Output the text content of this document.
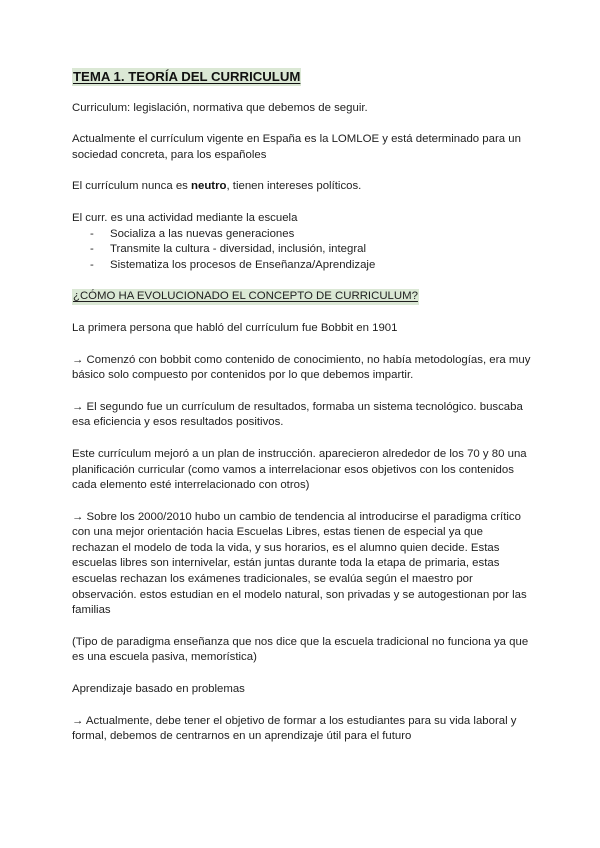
TEMA 1. TEORÍA DEL CURRICULUM

Curriculum: legislación, normativa que debemos de seguir.

Actualmente el currículum vigente en España es la LOMLOE y está determinado para un sociedad concreta, para los españoles

El currículum nunca es neutro, tienen intereses políticos.

El curr. es una actividad mediante la escuela

- Socializa a las nuevas generaciones
- Transmite la cultura - diversidad, inclusión, integral
- Sistematiza los procesos de Enseñanza/Aprendizaje
¿CÓMO HA EVOLUCIONADO EL CONCEPTO DE CURRICULUM?

La primera persona que habló del currículum fue Bobbit en 1901

→ Comenzó con bobbit como contenido de conocimiento, no había metodologías, era muy básico solo compuesto por contenidos por lo que debemos impartir.

→ El segundo fue un currículum de resultados, formaba un sistema tecnológico. buscaba esa eficiencia y esos resultados positivos.

Este currículum mejoró a un plan de instrucción. aparecieron alrededor de los 70 y 80 una planificación curricular (como vamos a interrelacionar esos objetivos con los contenidos cada elemento esté interrelacionado con otros)

→ Sobre los 2000/2010 hubo un cambio de tendencia al introducirse el paradigma crítico con una mejor orientación hacia Escuelas Libres, estas tienen de especial ya que rechazan el modelo de toda la vida, y sus horarios, es el alumno quien decide. Estas escuelas libres son internivelar, están juntas durante toda la etapa de primaria, estas escuelas rechazan los exámenes tradicionales, se evalúa según el maestro por observación. estos estudian en el modelo natural, son privadas y se autogestionan por las familias

(Tipo de paradigma enseñanza que nos dice que la escuela tradicional no funciona ya que es una escuela pasiva, memorística)

Aprendizaje basado en problemas

→ Actualmente, debe tener el objetivo de formar a los estudiantes para su vida laboral y formal, debemos de centrarnos en un aprendizaje útil para el futuro
